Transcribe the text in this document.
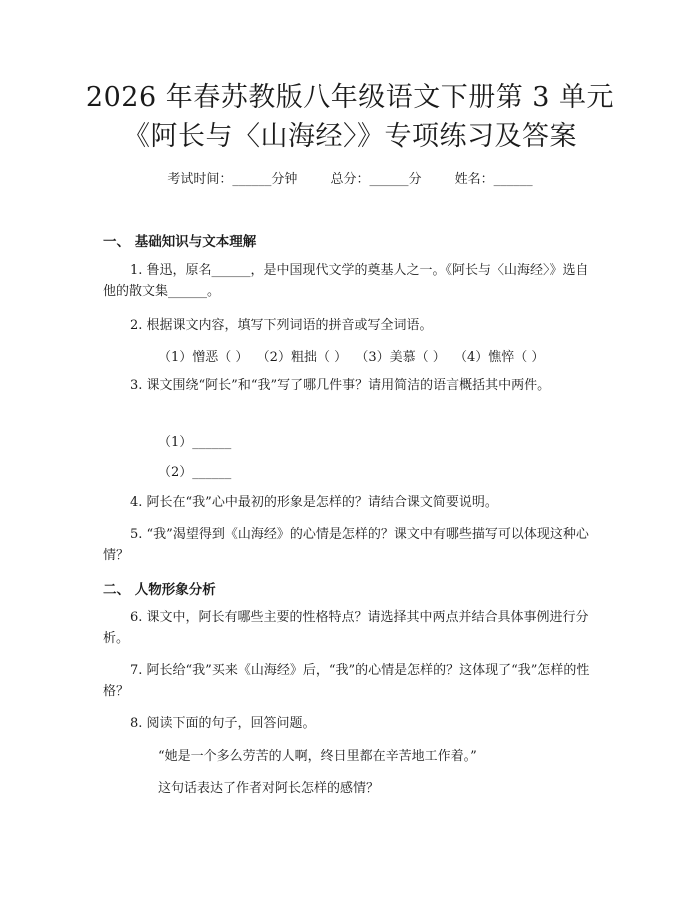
2026 年春苏教版八年级语文下册第 3 单元
《阿长与〈山海经〉》专项练习及答案
考试时间：______分钟	总分：______分	姓名：______
一、 基础知识与文本理解
1. 鲁迅，原名______，是中国现代文学的奠基人之一。《阿长与〈山海经〉》选自他的散文集______。
2. 根据课文内容，填写下列词语的拼音或写全词语。
（1）憎恶（ ）  （2）粗拙（ ）  （3）美慕（ ）  （4）憔悴（ ）
3. 课文围绕“阿长”和“我”写了哪几件事？请用简洁的语言概括其中两件。
（1）______
（2）______
4. 阿长在“我”心中最初的形象是怎样的？请结合课文简要说明。
5. “我”渴望得到《山海经》的心情是怎样的？课文中有哪些描写可以体现这种心情？
二、 人物形象分析
6. 课文中，阿长有哪些主要的性格特点？请选择其中两点并结合具体事例进行分析。
7. 阿长给“我”买来《山海经》后，“我”的心情是怎样的？这体现了“我”怎样的性格？
8. 阅读下面的句子，回答问题。
“她是一个多么劳苦的人啊，终日里都在辛苦地工作着。”
这句话表达了作者对阿长怎样的感情？
